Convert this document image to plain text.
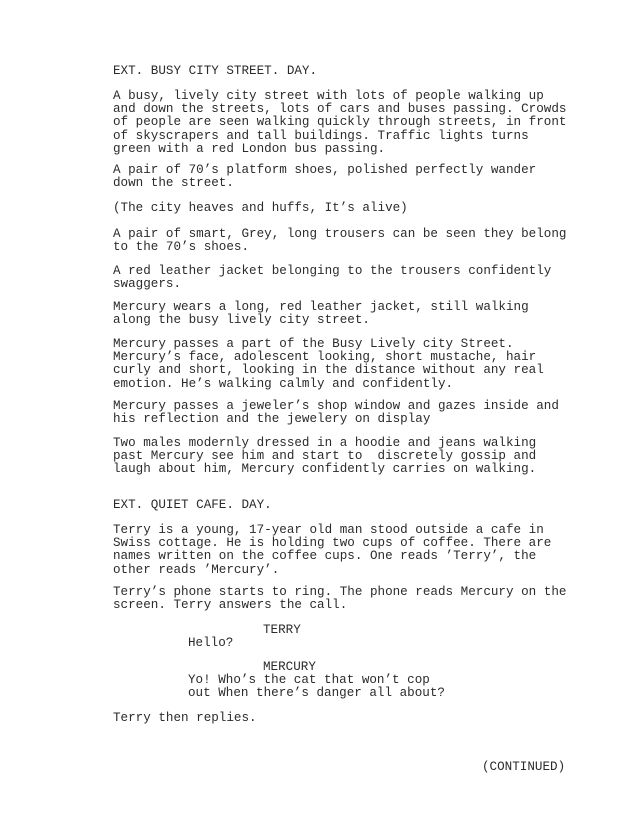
EXT. BUSY CITY STREET. DAY.
A busy, lively city street with lots of people walking up
and down the streets, lots of cars and buses passing. Crowds
of people are seen walking quickly through streets, in front
of skyscrapers and tall buildings. Traffic lights turns
green with a red London bus passing.
A pair of 70’s platform shoes, polished perfectly wander
down the street.
(The city heaves and huffs, It’s alive)
A pair of smart, Grey, long trousers can be seen they belong
to the 70’s shoes.
A red leather jacket belonging to the trousers confidently
swaggers.
Mercury wears a long, red leather jacket, still walking
along the busy lively city street.
Mercury passes a part of the Busy Lively city Street.
Mercury’s face, adolescent looking, short mustache, hair
curly and short, looking in the distance without any real
emotion. He’s walking calmly and confidently.
Mercury passes a jeweler’s shop window and gazes inside and
his reflection and the jewelery on display
Two males modernly dressed in a hoodie and jeans walking
past Mercury see him and start to  discretely gossip and
laugh about him, Mercury confidently carries on walking.
EXT. QUIET CAFE. DAY.
Terry is a young, 17-year old man stood outside a cafe in
Swiss cottage. He is holding two cups of coffee. There are
names written on the coffee cups. One reads ’Terry’, the
other reads ’Mercury’.
Terry’s phone starts to ring. The phone reads Mercury on the
screen. Terry answers the call.
TERRY
Hello?
MERCURY
Yo! Who’s the cat that won’t cop
out When there’s danger all about?
Terry then replies.
(CONTINUED)
